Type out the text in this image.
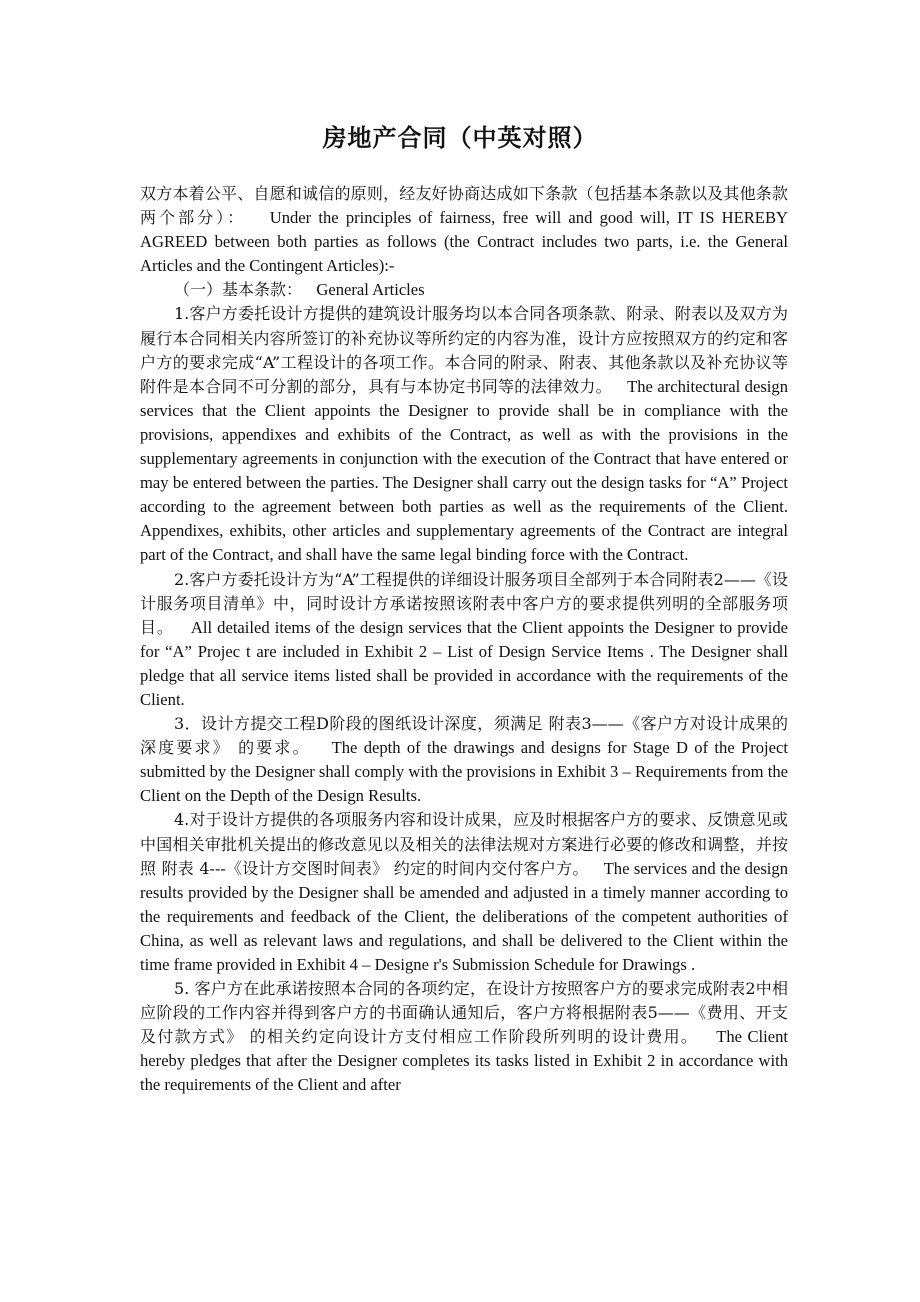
房地产合同（中英对照）

双方本着公平、自愿和诚信的原则，经友好协商达成如下条款（包括基本条款以及其他条款两个部分）：   Under the principles of fairness, free will and good will, IT IS HEREBY AGREED between both parties as follows (the Contract includes two parts, i.e. the General Articles and the Contingent Articles):-

（一）基本条款：   General Articles

1.客户方委托设计方提供的建筑设计服务均以本合同各项条款、附录、附表以及双方为履行本合同相关内容所签订的补充协议等所约定的内容为准，设计方应按照双方的约定和客户方的要求完成“A”工程设计的各项工作。本合同的附录、附表、其他条款以及补充协议等附件是本合同不可分割的部分，具有与本协定书同等的法律效力。   The architectural design services that the Client appoints the Designer to provide shall be in compliance with the provisions, appendixes and exhibits of the Contract, as well as with the provisions in the supplementary agreements in conjunction with the execution of the Contract that have entered or may be entered between the parties. The Designer shall carry out the design tasks for “A” Project according to the agreement between both parties as well as the requirements of the Client. Appendixes, exhibits, other articles and supplementary agreements of the Contract are integral part of the Contract, and shall have the same legal binding force with the Contract.

2.客户方委托设计方为“A”工程提供的详细设计服务项目全部列于本合同附表2——《设计服务项目清单》中，同时设计方承诺按照该附表中客户方的要求提供列明的全部服务项目。   All detailed items of the design services that the Client appoints the Designer to provide for “A” Projec t are included in Exhibit 2 – List of Design Service Items . The Designer shall pledge that all service items listed shall be provided in accordance with the requirements of the Client.

3．设计方提交工程D阶段的图纸设计深度，须满足 附表3——《客户方对设计成果的深度要求》 的要求。   The depth of the drawings and designs for Stage D of the Project submitted by the Designer shall comply with the provisions in Exhibit 3 – Requirements from the Client on the Depth of the Design Results.

4.对于设计方提供的各项服务内容和设计成果，应及时根据客户方的要求、反馈意见或中国相关审批机关提出的修改意见以及相关的法律法规对方案进行必要的修改和调整，并按照 附表 4---《设计方交图时间表》 约定的时间内交付客户方。   The services and the design results provided by the Designer shall be amended and adjusted in a timely manner according to the requirements and feedback of the Client, the deliberations of the competent authorities of China, as well as relevant laws and regulations, and shall be delivered to the Client within the time frame provided in Exhibit 4 – Designe r's Submission Schedule for Drawings .

5. 客户方在此承诺按照本合同的各项约定，在设计方按照客户方的要求完成附表2中相应阶段的工作内容并得到客户方的书面确认通知后，客户方将根据附表5——《费用、开支及付款方式》 的相关约定向设计方支付相应工作阶段所列明的设计费用。   The Client hereby pledges that after the Designer completes its tasks listed in Exhibit 2 in accordance with the requirements of the Client and after
